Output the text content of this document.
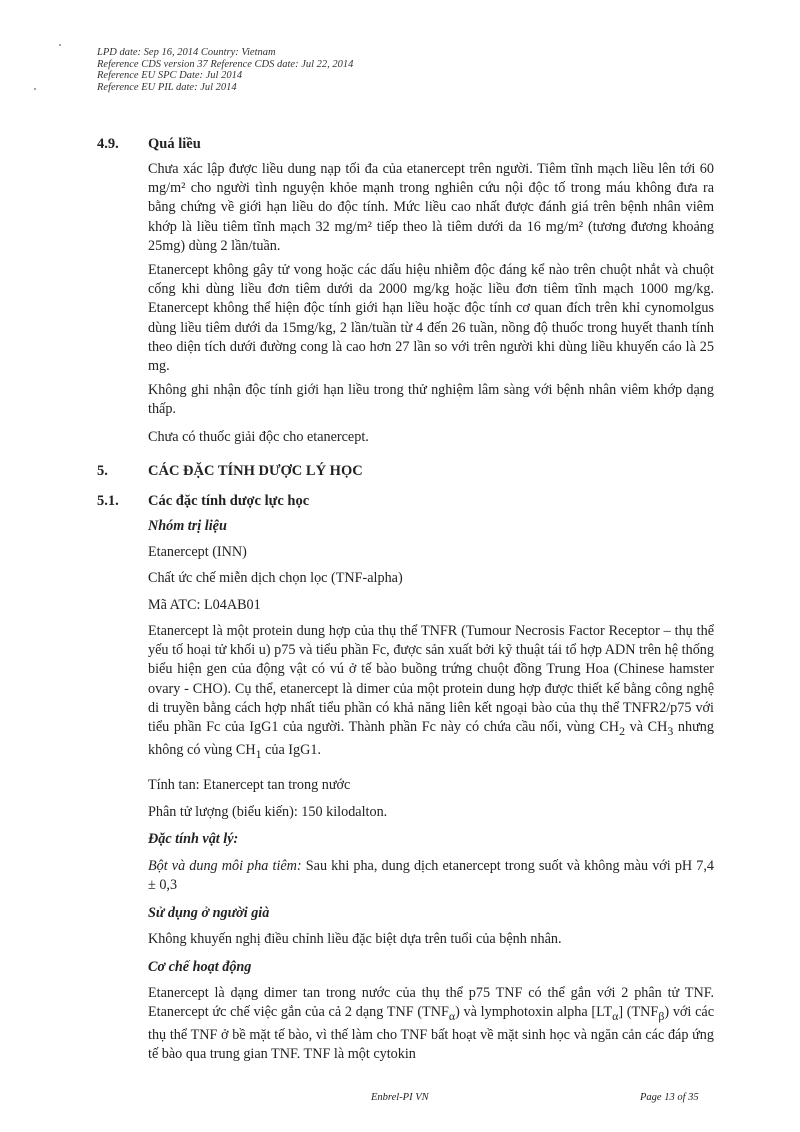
LPD date: Sep 16, 2014 Country: Vietnam
Reference CDS version 37 Reference CDS date: Jul 22, 2014
Reference EU SPC Date: Jul 2014
Reference EU PIL date: Jul 2014
4.9. Quá liều

Chưa xác lập được liều dung nạp tối đa của etanercept trên người. Tiêm tĩnh mạch liều lên tới 60 mg/m² cho người tình nguyện khỏe mạnh trong nghiên cứu nội độc tố trong máu không đưa ra bằng chứng về giới hạn liều do độc tính. Mức liều cao nhất được đánh giá trên bệnh nhân viêm khớp là liều tiêm tĩnh mạch 32 mg/m² tiếp theo là tiêm dưới da 16 mg/m² (tương đương khoảng 25mg) dùng 2 lần/tuần.

Etanercept không gây tử vong hoặc các dấu hiệu nhiễm độc đáng kể nào trên chuột nhắt và chuột cống khi dùng liều đơn tiêm dưới da 2000 mg/kg hoặc liều đơn tiêm tĩnh mạch 1000 mg/kg. Etanercept không thể hiện độc tính giới hạn liều hoặc độc tính cơ quan đích trên khỉ cynomolgus dùng liều tiêm dưới da 15mg/kg, 2 lần/tuần từ 4 đến 26 tuần, nồng độ thuốc trong huyết thanh tính theo diện tích dưới đường cong là cao hơn 27 lần so với trên người khi dùng liều khuyến cáo là 25 mg.

Không ghi nhận độc tính giới hạn liều trong thử nghiệm lâm sàng với bệnh nhân viêm khớp dạng thấp.

Chưa có thuốc giải độc cho etanercept.

5.	CÁC ĐẶC TÍNH DƯỢC LÝ HỌC
5.1. Các đặc tính dược lực học

Nhóm trị liệu

Etanercept (INN)

Chất ức chế miễn dịch chọn lọc (TNF-alpha)

Mã ATC: L04AB01

Etanercept là một protein dung hợp của thụ thể TNFR (Tumour Necrosis Factor Receptor – thụ thể yếu tố hoại tử khối u) p75 và tiểu phần Fc, được sản xuất bởi kỹ thuật tái tổ hợp ADN trên hệ thống biểu hiện gen của động vật có vú ở tế bào buồng trứng chuột đồng Trung Hoa (Chinese hamster ovary - CHO). Cụ thể, etanercept là dimer của một protein dung hợp được thiết kế bằng công nghệ di truyền bằng cách hợp nhất tiểu phần có khả năng liên kết ngoại bào của thụ thể TNFR2/p75 với tiểu phần Fc của IgG1 của người. Thành phần Fc này có chứa cầu nối, vùng $CH_2$ và $CH_3$ nhưng không có vùng $CH_1$ của IgG1.

Tính tan: Etanercept tan trong nước

Phân tử lượng (biểu kiến): 150 kilodalton.

Đặc tính vật lý:

Bột và dung môi pha tiêm: Sau khi pha, dung dịch etanercept trong suốt và không màu với pH 7,4 ± 0,3

Sử dụng ở người già

Không khuyến nghị điều chỉnh liều đặc biệt dựa trên tuổi của bệnh nhân.

Cơ chế hoạt động

Etanercept là dạng dimer tan trong nước của thụ thể p75 TNF có thể gắn với 2 phân tử TNF. Etanercept ức chế việc gắn của cả 2 dạng TNF $(TNF_\alpha)$ và lymphotoxin alpha $[LT_\alpha]$ $(TNF_\beta)$ với các thụ thể TNF ở bề mặt tế bào, vì thế làm cho TNF bất hoạt về mặt sinh học và ngăn cản các đáp ứng tế bào qua trung gian TNF. TNF là một cytokin

Enbrel-PI VN	Page 13 of 35
